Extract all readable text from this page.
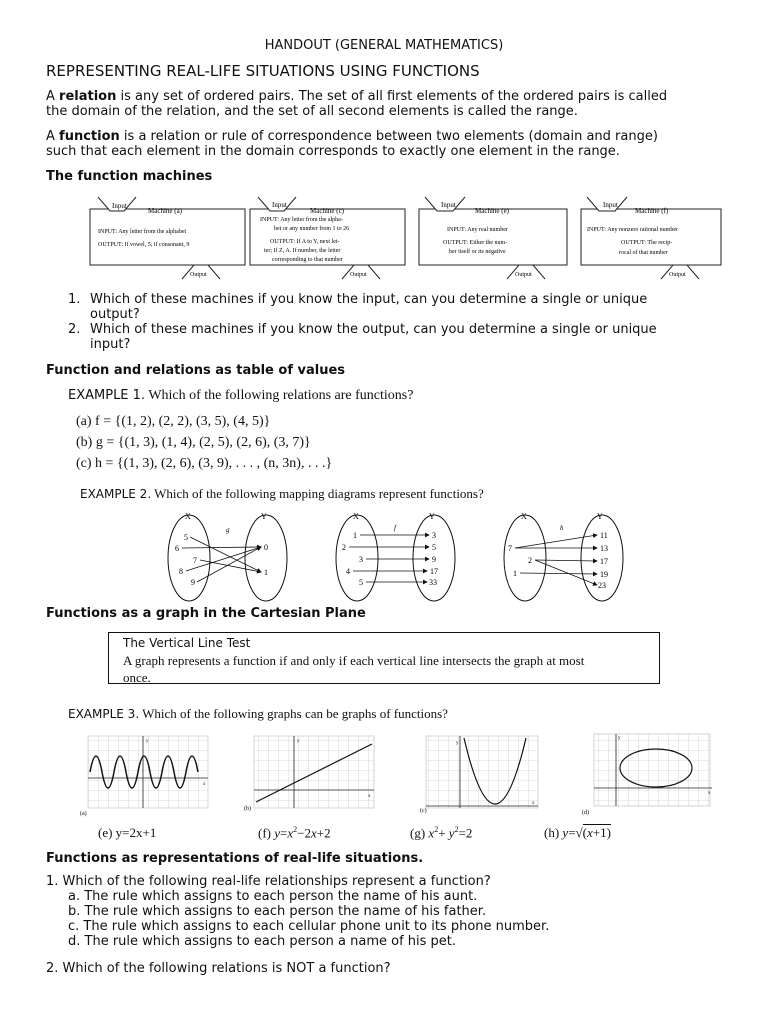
HANDOUT (GENERAL MATHEMATICS)
REPRESENTING REAL-LIFE SITUATIONS USING FUNCTIONS
A relation is any set of ordered pairs. The set of all first elements of the ordered pairs is called
the domain of the relation, and the set of all second elements is called the range.
A function is a relation or rule of correspondence between two elements (domain and range)
such that each element in the domain corresponds to exactly one element in the range.
The function machines
Input
Machine (a)
INPUT: Any letter from the alphabet
OUTPUT: If vowel, 5; if consonant, 9
Output
Input
Machine (c)
INPUT: Any letter from the alpha-
bet or any number from 1 to 26
OUTPUT: If A to Y, next let-
ter; If Z, A. If number, the letter
corresponding to that number
Output
Input
Machine (e)
INPUT: Any real number
OUTPUT: Either the num-
ber itself or its negative
Output
Input
Machine (f)
INPUT: Any nonzero rational number
OUTPUT: The recip-
rocal of that number
Output
1. Which of these machines if you know the input, can you determine a single or unique
output?
2. Which of these machines if you know the output, can you determine a single or unique
input?
Function and relations as table of values
EXAMPLE 1. Which of the following relations are functions?
(a) f = {(1, 2), (2, 2), (3, 5), (4, 5)}
(b) g = {(1, 3), (1, 4), (2, 5), (2, 6), (3, 7)}
(c) h = {(1, 3), (2, 6), (3, 9), . . . , (n, 3n), . . .}
EXAMPLE 2. Which of the following mapping diagrams represent functions?
X	Y
g
5
6
7
8
9
0
1
X	Y
f
1
2
3
4
5
3
5
9
17
33
X	Y
h
7
2
1
11
13
17
19
23
Functions as a graph in the Cartesian Plane
The Vertical Line Test
A graph represents a function if and only if each vertical line intersects the graph at most
once.
EXAMPLE 3. Which of the following graphs can be graphs of functions?
y
x
(a)
y
x
(b)
y
x
(c)
y
x
(d)
(e) y=2x+1	(f) $y=x^2-2x+2$	(g) $x^2+ y^2=2$	(h) y=√(x+1)
Functions as representations of real-life situations.
1. Which of the following real-life relationships represent a function?
a. The rule which assigns to each person the name of his aunt.
b. The rule which assigns to each person the name of his father.
c. The rule which assigns to each cellular phone unit to its phone number.
d. The rule which assigns to each person a name of his pet.
2. Which of the following relations is NOT a function?
